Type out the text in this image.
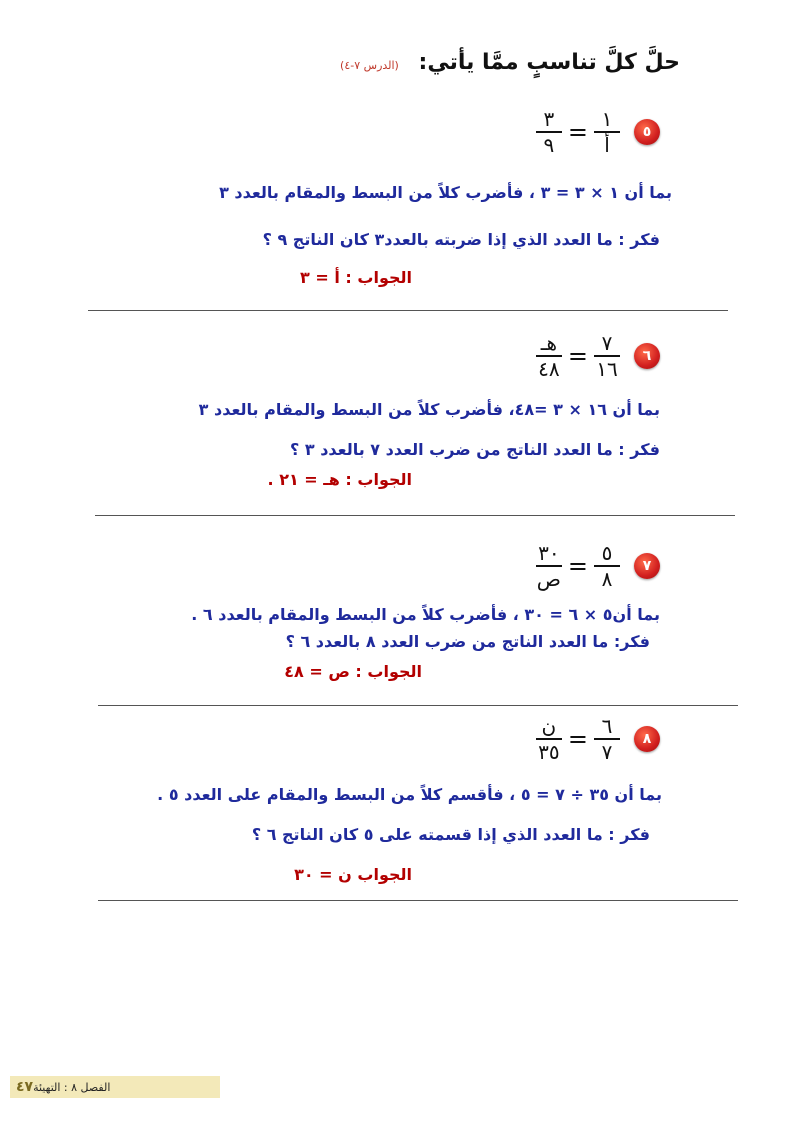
حلَّ كلَّ تناسبٍ ممَّا يأتي: (الدرس ٧-٤)
٥
$\frac{١}{\text{أ}}$
=
$\frac{٣}{٩}$
بما أن ١ × ٣ = ٣ ، فأضرب كلاً من البسط والمقام بالعدد ٣
فكر : ما العدد الذي إذا ضربته بالعدد٣ كان الناتج ٩ ؟
الجواب : أ = ٣
٦
$\frac{٧}{١٦}$
=
$\frac{\text{هـ}}{٤٨}$
بما أن ١٦ × ٣ =٤٨، فأضرب كلاً من البسط والمقام بالعدد ٣
فكر : ما العدد الناتج من ضرب العدد ٧ بالعدد ٣ ؟
الجواب : هـ = ٢١ .
٧
$\frac{٥}{٨}$
=
$\frac{٣٠}{\text{ص}}$
بما أن٥ × ٦ = ٣٠ ، فأضرب كلاً من البسط والمقام بالعدد ٦ .
فكر: ما العدد الناتج من ضرب العدد ٨ بالعدد ٦ ؟
الجواب : ص = ٤٨
٨
$\frac{٦}{٧}$
=
$\frac{\text{ن}}{٣٥}$
بما أن ٣٥ ÷ ٧ = ٥ ، فأقسم كلاً من البسط والمقام على العدد ٥ .
فكر : ما العدد الذي إذا قسمته على ٥ كان الناتج ٦ ؟
الجواب ن = ٣٠
الفصل ٨ : التهيئة
٤٧
